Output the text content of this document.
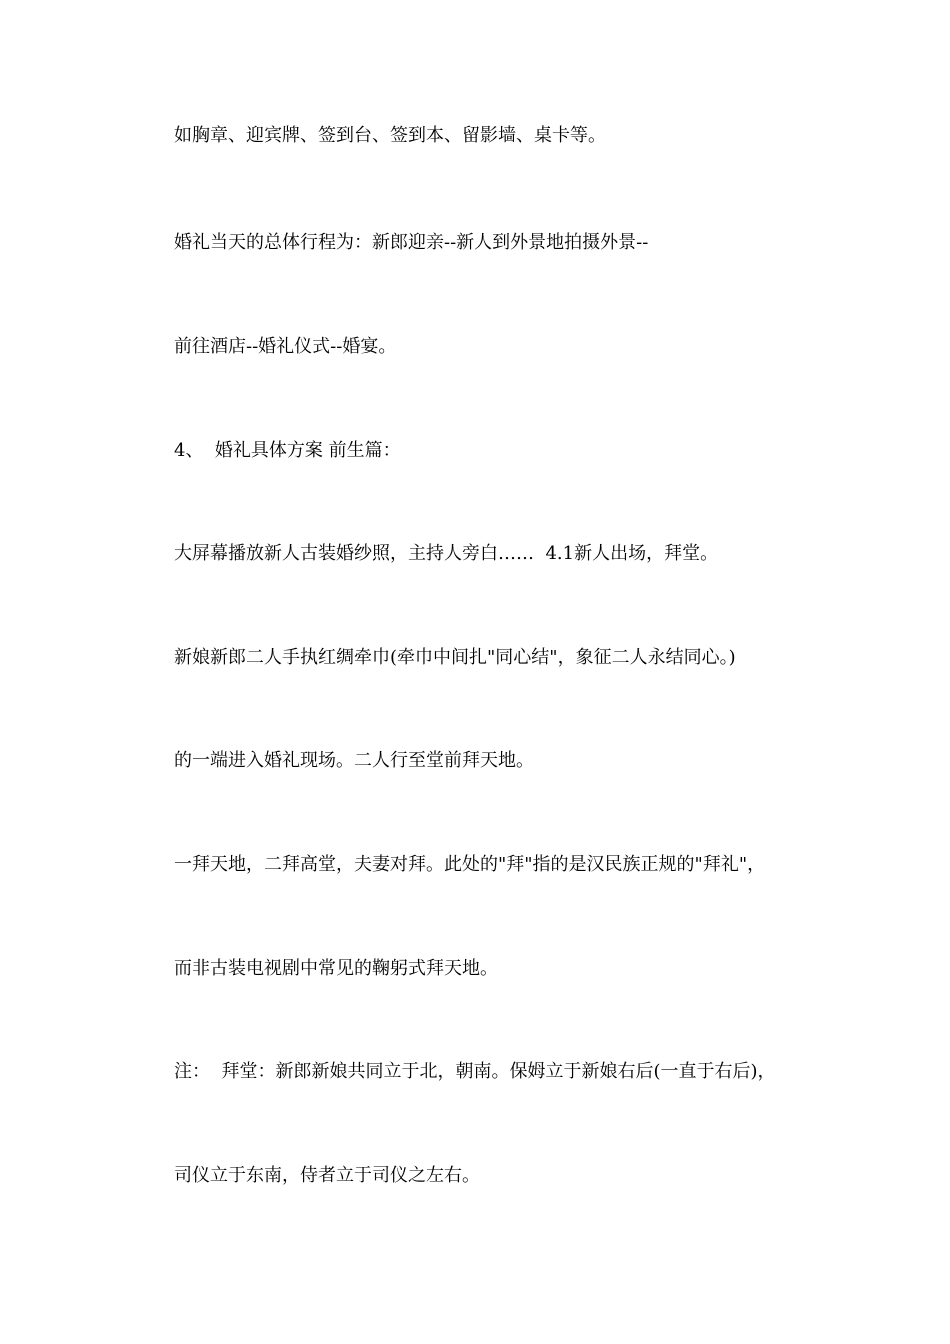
如胸章、迎宾牌、签到台、签到本、留影墙、桌卡等。
婚礼当天的总体行程为：新郎迎亲--新人到外景地拍摄外景--
前往酒店--婚礼仪式--婚宴。
4、  婚礼具体方案 前生篇：
大屏幕播放新人古装婚纱照，主持人旁白……  4.1新人出场，拜堂。
新娘新郎二人手执红绸牵巾(牵巾中间扎"同心结"，象征二人永结同心。)
的一端进入婚礼现场。二人行至堂前拜天地。
一拜天地，二拜高堂，夫妻对拜。此处的"拜"指的是汉民族正规的"拜礼"，
而非古装电视剧中常见的鞠躬式拜天地。
注：  拜堂：新郎新娘共同立于北，朝南。保姆立于新娘右后(一直于右后)，
司仪立于东南，侍者立于司仪之左右。
